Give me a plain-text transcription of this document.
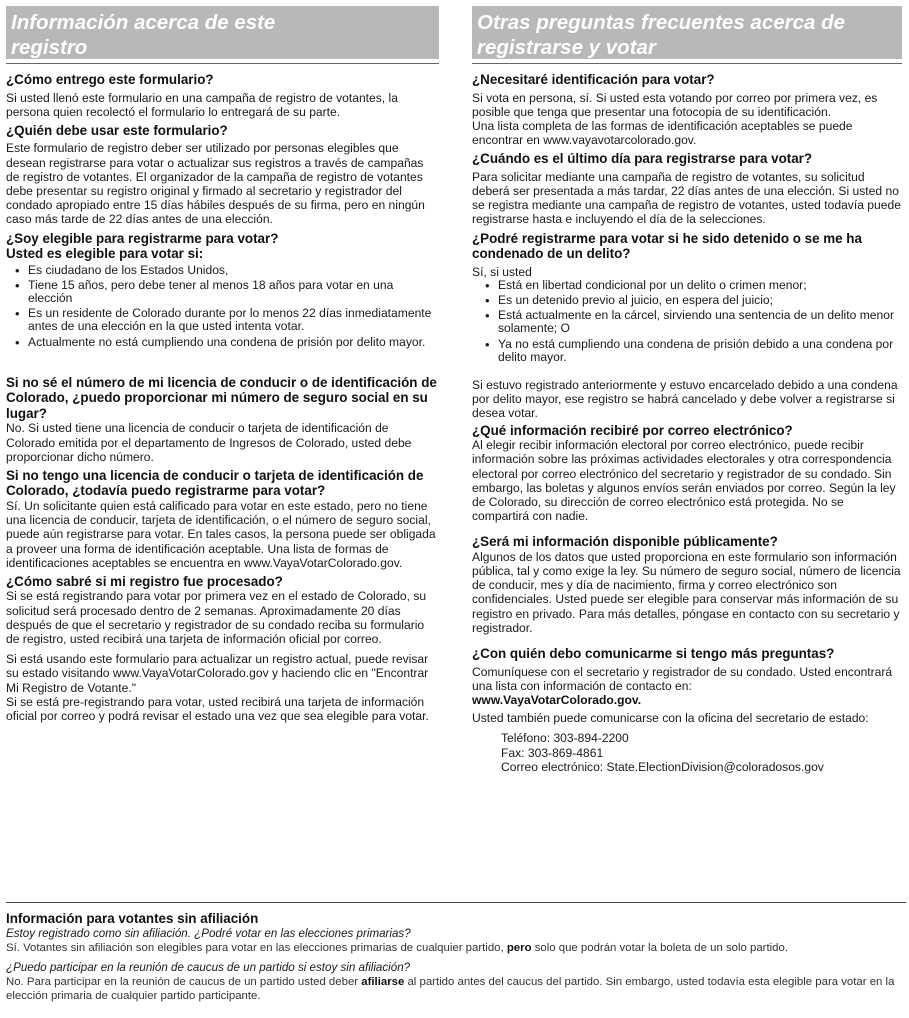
Información acerca de este
registro
¿Cómo entrego este formulario?

Si usted llenó este formulario en una campaña de registro de votantes, la persona quien recolectó el formulario lo entregará de su parte.

¿Quién debe usar este formulario?

Este formulario de registro deber ser utilizado por personas elegibles que desean registrarse para votar o actualizar sus registros a través de campañas de registro de votantes. El organizador de la campaña de registro de votantes debe presentar su registro original y firmado al secretario y registrador del condado apropiado entre 15 días hábiles después de su firma, pero en ningún caso más tarde de 22 días antes de una elección.

¿Soy elegible para registrarme para votar?
Usted es elegible para votar si:
• Es ciudadano de los Estados Unidos,
• Tiene 15 años, pero debe tener al menos 18 años para votar en una elección
• Es un residente de Colorado durante por lo menos 22 días inmediatamente antes de una elección en la que usted intenta votar.
• Actualmente no está cumpliendo una condena de prisión por delito mayor.
Si no sé el número de mi licencia de conducir o de identificación de Colorado, ¿puedo proporcionar mi número de seguro social en su lugar?

No. Si usted tiene una licencia de conducir o tarjeta de identificación de Colorado emitida por el departamento de Ingresos de Colorado, usted debe proporcionar dicho número.

Si no tengo una licencia de conducir o tarjeta de identificación de Colorado, ¿todavía puedo registrarme para votar?

Sí. Un solicitante quien está calificado para votar en este estado, pero no tiene una licencia de conducir, tarjeta de identificación, o el número de seguro social, puede aún registrarse para votar. En tales casos, la persona puede ser obligada a proveer una forma de identificación aceptable. Una lista de formas de identificaciones aceptables se encuentra en www.VayaVotarColorado.gov.

¿Cómo sabré si mi registro fue procesado?

Si se está registrando para votar por primera vez en el estado de Colorado, su solicitud será procesado dentro de 2 semanas. Aproximadamente 20 días después de que el secretario y registrador de su condado reciba su formulario de registro, usted recibirá una tarjeta de información oficial por correo.

Si está usando este formulario para actualizar un registro actual, puede revisar su estado visitando www.VayaVotarColorado.gov y haciendo clic en "Encontrar Mi Registro de Votante."

Si se está pre-registrando para votar, usted recibirá una tarjeta de información oficial por correo y podrá revisar el estado una vez que sea elegible para votar.

Otras preguntas frecuentes acerca de
registrarse y votar
¿Necesitaré identificación para votar?

Si vota en persona, sí. Si usted esta votando por correo por primera vez, es posible que tenga que presentar una fotocopia de su identificación.

Una lista completa de las formas de identificación aceptables se puede encontrar en www.vayavotarcolorado.gov.

¿Cuándo es el último día para registrarse para votar?

Para solicitar mediante una campaña de registro de votantes, su solicitud deberá ser presentada a más tardar, 22 días antes de una elección. Si usted no se registra mediante una campaña de registro de votantes, usted todavía puede registrarse hasta e incluyendo el día de la selecciones.

¿Podré registrarme para votar si he sido detenido o se me ha condenado de un delito?

Sí, si usted

• Está en libertad condicional por un delito o crimen menor;
• Es un detenido previo al juicio, en espera del juicio;
• Está actualmente en la cárcel, sirviendo una sentencia de un delito menor solamente; O
• Ya no está cumpliendo una condena de prisión debido a una condena por delito mayor.

Si estuvo registrado anteriormente y estuvo encarcelado debido a una condena por delito mayor, ese registro se habrá cancelado y debe volver a registrarse si desea votar.

¿Qué información recibiré por correo electrónico?

Al elegir recibir información electoral por correo electrónico, puede recibir información sobre las próximas actividades electorales y otra correspondencia electoral por correo electrónico del secretario y registrador de su condado. Sin embargo, las boletas y algunos envíos serán enviados por correo. Según la ley de Colorado, su dirección de correo electrónico está protegida. No se compartirá con nadie.

¿Será mi información disponible públicamente?

Algunos de los datos que usted proporciona en este formulario son información pública, tal y como exige la ley. Su número de seguro social, número de licencia de conducir, mes y día de nacimiento, firma y correo electrónico son confidenciales. Usted puede ser elegible para conservar más información de su registro en privado. Para más detalles, póngase en contacto con su secretario y registrador.

¿Con quién debo comunicarme si tengo más preguntas?

Comuníquese con el secretario y registrador de su condado. Usted encontrará una lista con información de contacto en:

www.VayaVotarColorado.gov.

Usted también puede comunicarse con la oficina del secretario de estado:

Teléfono: 303-894-2200

Fax: 303-869-4861

Correo electrónico: State.ElectionDivision@coloradosos.gov

Información para votantes sin afiliación

Estoy registrado como sin afiliación. ¿Podré votar en las elecciones primarias?

Sí. Votantes sin afiliación son elegibles para votar en las elecciones primarias de cualquier partido, pero solo que podrán votar la boleta de un solo partido.

¿Puedo participar en la reunión de caucus de un partido si estoy sin afiliación?

No. Para participar en la reunión de caucus de un partido usted deber afiliarse al partido antes del caucus del partido. Sin embargo, usted todavía esta elegible para votar en la elección primaria de cualquier partido participante.
